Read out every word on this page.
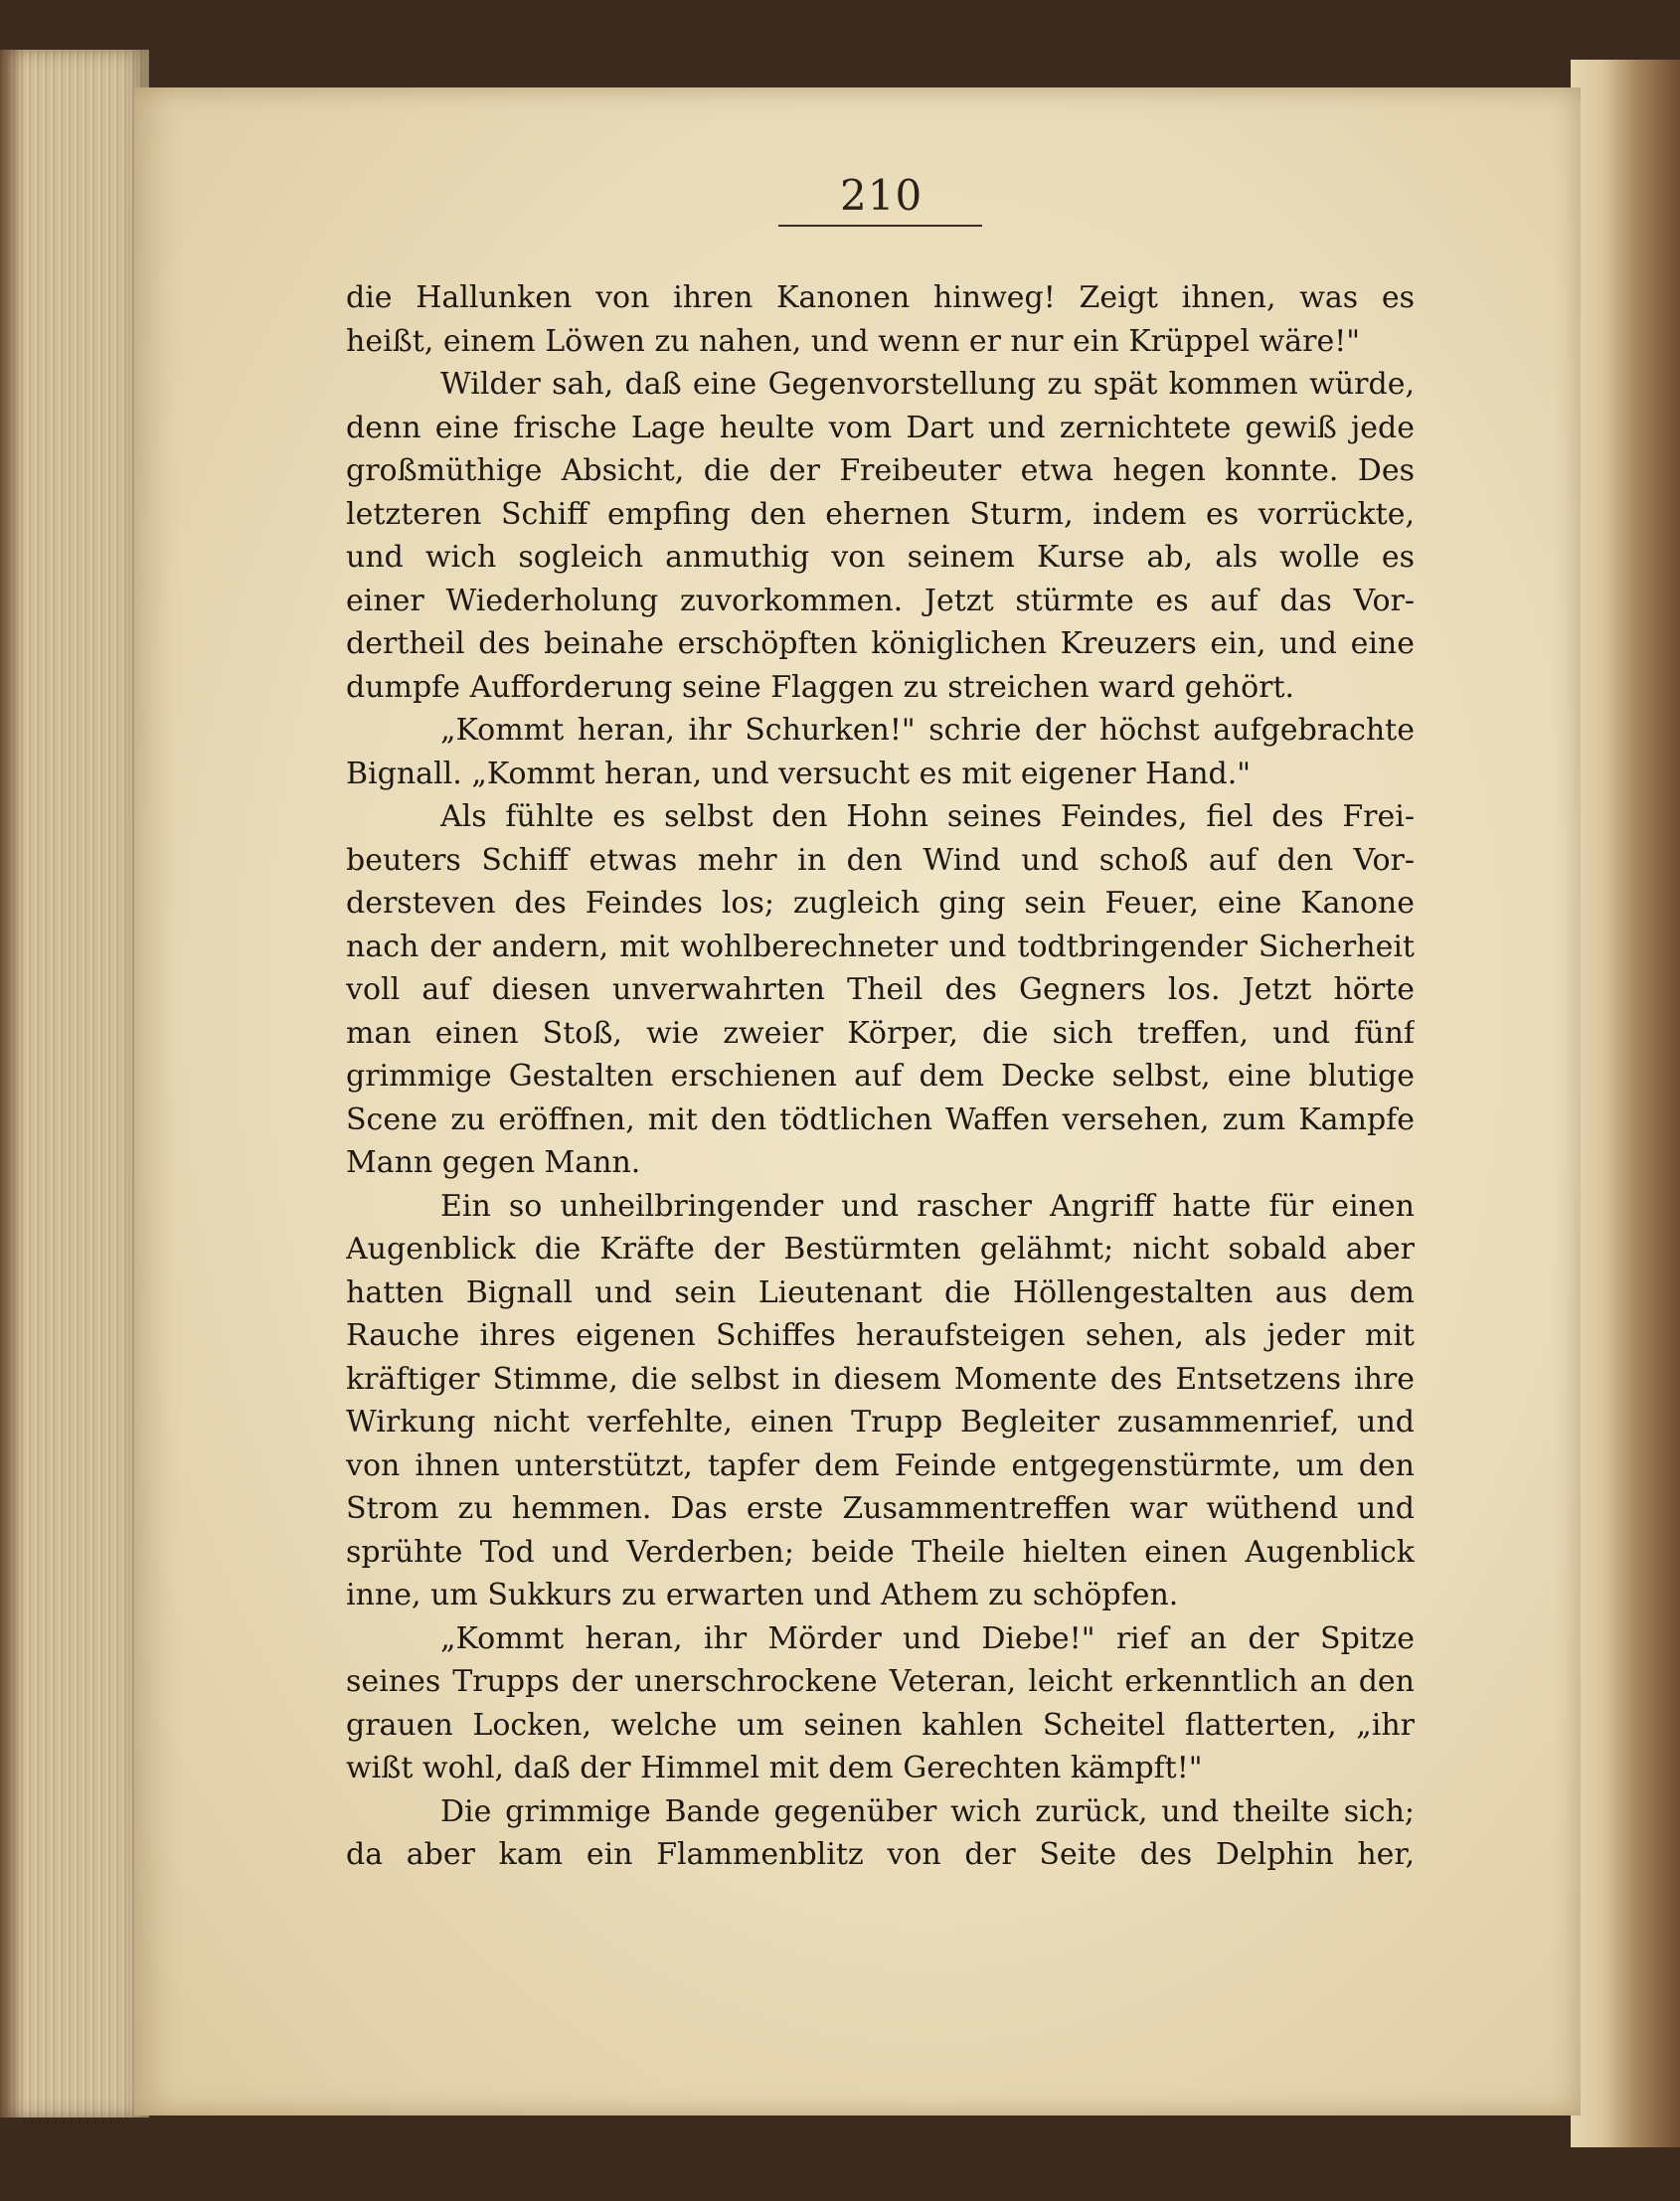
210
die Hallunken von ihren Kanonen hinweg! Zeigt ihnen, was es
heißt, einem Löwen zu nahen, und wenn er nur ein Krüppel wäre!"
Wilder sah, daß eine Gegenvorstellung zu spät kommen würde,
denn eine frische Lage heulte vom Dart und zernichtete gewiß jede
großmüthige Absicht, die der Freibeuter etwa hegen konnte. Des
letzteren Schiff empfing den ehernen Sturm, indem es vorrückte,
und wich sogleich anmuthig von seinem Kurse ab, als wolle es
einer Wiederholung zuvorkommen. Jetzt stürmte es auf das Vor-
dertheil des beinahe erschöpften königlichen Kreuzers ein, und eine
dumpfe Aufforderung seine Flaggen zu streichen ward gehört.
„Kommt heran, ihr Schurken!" schrie der höchst aufgebrachte
Bignall. „Kommt heran, und versucht es mit eigener Hand."
Als fühlte es selbst den Hohn seines Feindes, fiel des Frei-
beuters Schiff etwas mehr in den Wind und schoß auf den Vor-
dersteven des Feindes los; zugleich ging sein Feuer, eine Kanone
nach der andern, mit wohlberechneter und todtbringender Sicherheit
voll auf diesen unverwahrten Theil des Gegners los. Jetzt hörte
man einen Stoß, wie zweier Körper, die sich treffen, und fünf
grimmige Gestalten erschienen auf dem Decke selbst, eine blutige
Scene zu eröffnen, mit den tödtlichen Waffen versehen, zum Kampfe
Mann gegen Mann.
Ein so unheilbringender und rascher Angriff hatte für einen
Augenblick die Kräfte der Bestürmten gelähmt; nicht sobald aber
hatten Bignall und sein Lieutenant die Höllengestalten aus dem
Rauche ihres eigenen Schiffes heraufsteigen sehen, als jeder mit
kräftiger Stimme, die selbst in diesem Momente des Entsetzens ihre
Wirkung nicht verfehlte, einen Trupp Begleiter zusammenrief, und
von ihnen unterstützt, tapfer dem Feinde entgegenstürmte, um den
Strom zu hemmen. Das erste Zusammentreffen war wüthend und
sprühte Tod und Verderben; beide Theile hielten einen Augenblick
inne, um Sukkurs zu erwarten und Athem zu schöpfen.
„Kommt heran, ihr Mörder und Diebe!" rief an der Spitze
seines Trupps der unerschrockene Veteran, leicht erkenntlich an den
grauen Locken, welche um seinen kahlen Scheitel flatterten, „ihr
wißt wohl, daß der Himmel mit dem Gerechten kämpft!"
Die grimmige Bande gegenüber wich zurück, und theilte sich;
da aber kam ein Flammenblitz von der Seite des Delphin her,
